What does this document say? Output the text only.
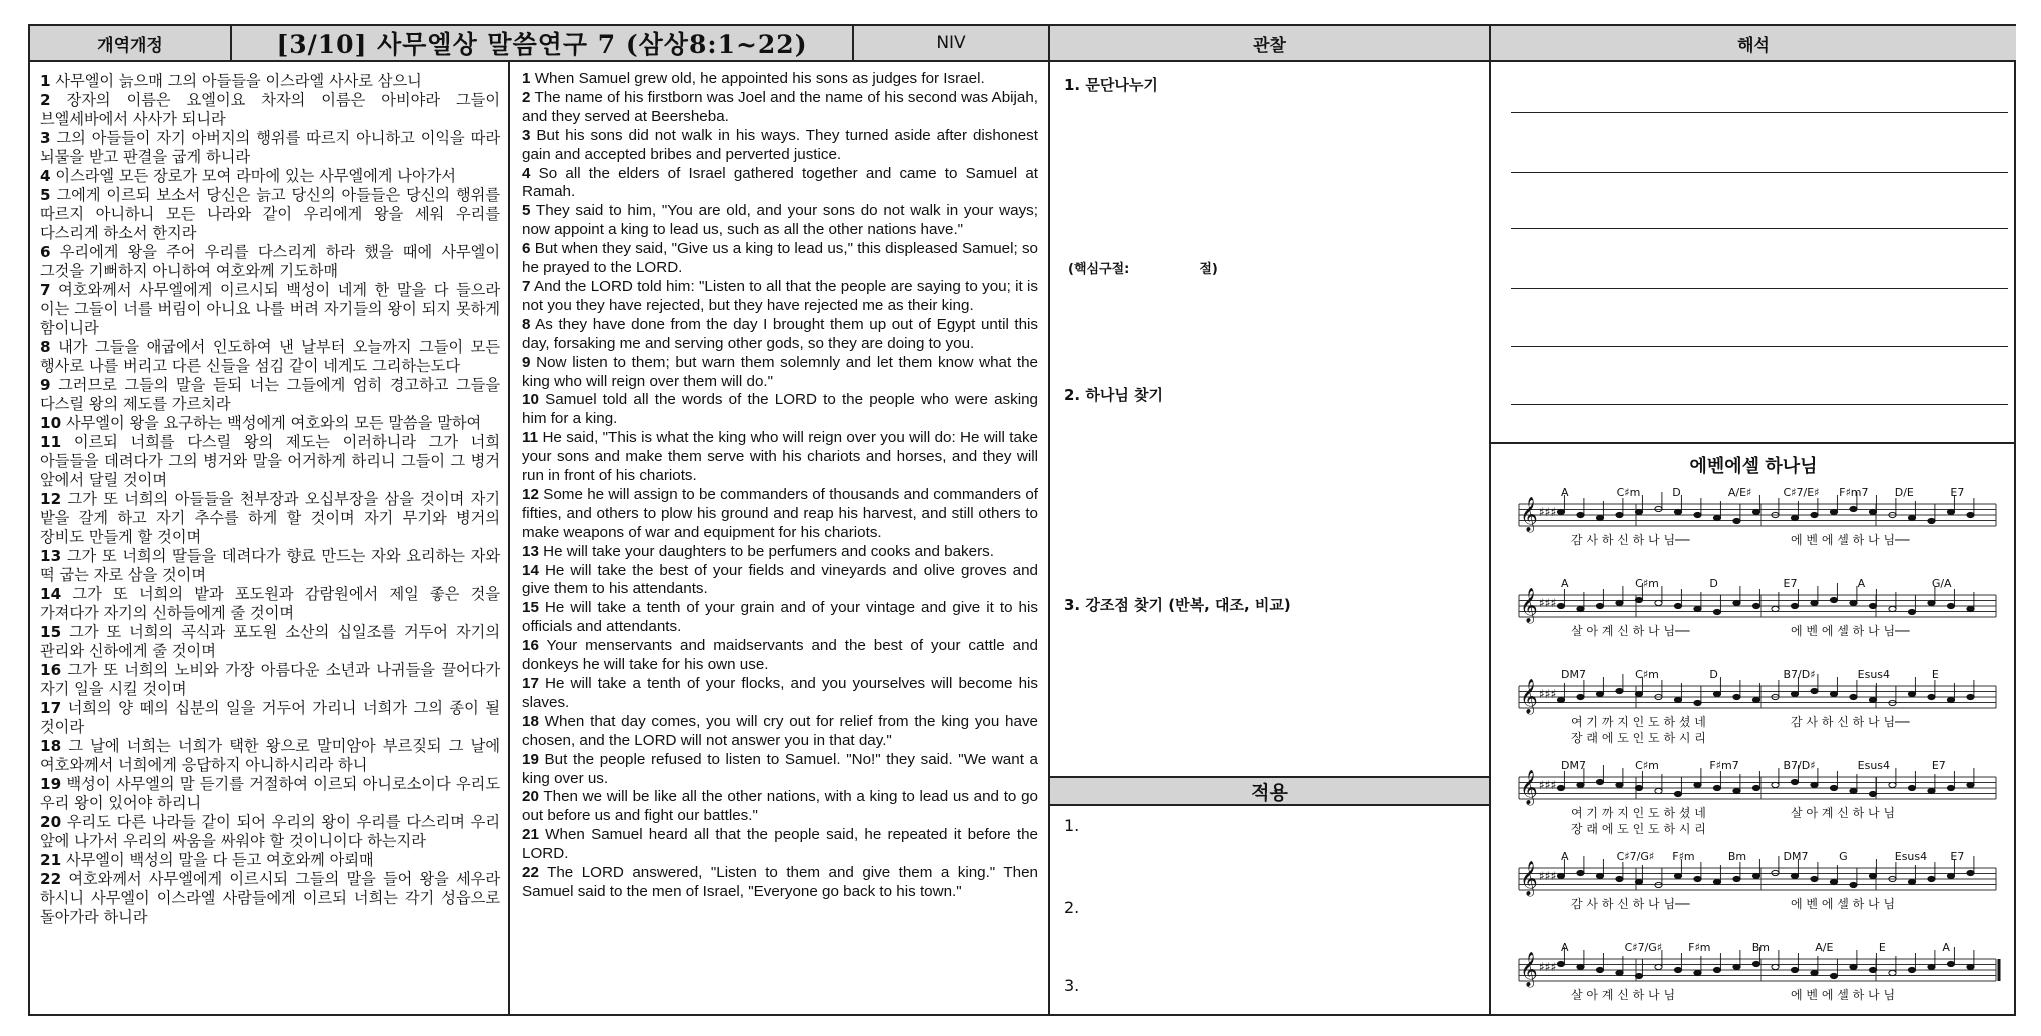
개역개정	[3/10] 사무엘상 말씀연구 7 (삼상8:1~22)	NIV	관찰	해석
1 사무엘이 늙으매 그의 아들들을 이스라엘 사사로 삼으니
2 장자의 이름은 요엘이요 차자의 이름은 아비야라 그들이 브엘세바에서 사사가 되니라
3 그의 아들들이 자기 아버지의 행위를 따르지 아니하고 이익을 따라 뇌물을 받고 판결을 굽게 하니라
4 이스라엘 모든 장로가 모여 라마에 있는 사무엘에게 나아가서
5 그에게 이르되 보소서 당신은 늙고 당신의 아들들은 당신의 행위를 따르지 아니하니 모든 나라와 같이 우리에게 왕을 세워 우리를 다스리게 하소서 한지라
6 우리에게 왕을 주어 우리를 다스리게 하라 했을 때에 사무엘이 그것을 기뻐하지 아니하여 여호와께 기도하매
7 여호와께서 사무엘에게 이르시되 백성이 네게 한 말을 다 들으라 이는 그들이 너를 버림이 아니요 나를 버려 자기들의 왕이 되지 못하게 함이니라
8 내가 그들을 애굽에서 인도하여 낸 날부터 오늘까지 그들이 모든 행사로 나를 버리고 다른 신들을 섬김 같이 네게도 그리하는도다
9 그러므로 그들의 말을 듣되 너는 그들에게 엄히 경고하고 그들을 다스릴 왕의 제도를 가르치라
10 사무엘이 왕을 요구하는 백성에게 여호와의 모든 말씀을 말하여
11 이르되 너희를 다스릴 왕의 제도는 이러하니라 그가 너희 아들들을 데려다가 그의 병거와 말을 어거하게 하리니 그들이 그 병거 앞에서 달릴 것이며
12 그가 또 너희의 아들들을 천부장과 오십부장을 삼을 것이며 자기 밭을 갈게 하고 자기 추수를 하게 할 것이며 자기 무기와 병거의 장비도 만들게 할 것이며
13 그가 또 너희의 딸들을 데려다가 향료 만드는 자와 요리하는 자와 떡 굽는 자로 삼을 것이며
14 그가 또 너희의 밭과 포도원과 감람원에서 제일 좋은 것을 가져다가 자기의 신하들에게 줄 것이며
15 그가 또 너희의 곡식과 포도원 소산의 십일조를 거두어 자기의 관리와 신하에게 줄 것이며
16 그가 또 너희의 노비와 가장 아름다운 소년과 나귀들을 끌어다가 자기 일을 시킬 것이며
17 너희의 양 떼의 십분의 일을 거두어 가리니 너희가 그의 종이 될 것이라
18 그 날에 너희는 너희가 택한 왕으로 말미암아 부르짖되 그 날에 여호와께서 너희에게 응답하지 아니하시리라 하니
19 백성이 사무엘의 말 듣기를 거절하여 이르되 아니로소이다 우리도 우리 왕이 있어야 하리니
20 우리도 다른 나라들 같이 되어 우리의 왕이 우리를 다스리며 우리 앞에 나가서 우리의 싸움을 싸워야 할 것이니이다 하는지라
21 사무엘이 백성의 말을 다 듣고 여호와께 아뢰매
22 여호와께서 사무엘에게 이르시되 그들의 말을 들어 왕을 세우라 하시니 사무엘이 이스라엘 사람들에게 이르되 너희는 각기 성읍으로 돌아가라 하니라
1 When Samuel grew old, he appointed his sons as judges for Israel.
2 The name of his firstborn was Joel and the name of his second was Abijah, and they served at Beersheba.
3 But his sons did not walk in his ways. They turned aside after dishonest gain and accepted bribes and perverted justice.
4 So all the elders of Israel gathered together and came to Samuel at Ramah.
5 They said to him, "You are old, and your sons do not walk in your ways; now appoint a king to lead us, such as all the other nations have."
6 But when they said, "Give us a king to lead us," this displeased Samuel; so he prayed to the LORD.
7 And the LORD told him: "Listen to all that the people are saying to you; it is not you they have rejected, but they have rejected me as their king.
8 As they have done from the day I brought them up out of Egypt until this day, forsaking me and serving other gods, so they are doing to you.
9 Now listen to them; but warn them solemnly and let them know what the king who will reign over them will do."
10 Samuel told all the words of the LORD to the people who were asking him for a king.
11 He said, "This is what the king who will reign over you will do: He will take your sons and make them serve with his chariots and horses, and they will run in front of his chariots.
12 Some he will assign to be commanders of thousands and commanders of fifties, and others to plow his ground and reap his harvest, and still others to make weapons of war and equipment for his chariots.
13 He will take your daughters to be perfumers and cooks and bakers.
14 He will take the best of your fields and vineyards and olive groves and give them to his attendants.
15 He will take a tenth of your grain and of your vintage and give it to his officials and attendants.
16 Your menservants and maidservants and the best of your cattle and donkeys he will take for his own use.
17 He will take a tenth of your flocks, and you yourselves will become his slaves.
18 When that day comes, you will cry out for relief from the king you have chosen, and the LORD will not answer you in that day."
19 But the people refused to listen to Samuel. "No!" they said. "We want a king over us.
20 Then we will be like all the other nations, with a king to lead us and to go out before us and fight our battles."
21 When Samuel heard all that the people said, he repeated it before the LORD.
22 The LORD answered, "Listen to them and give them a king." Then Samuel said to the men of Israel, "Everyone go back to his town."
1. 문단나누기
(핵심구절:	절)
2. 하나님 찾기
3. 강조점 찾기 (반복, 대조, 비교)
적용
1.
2.
3.
에벤에셀 하나님
𝄞 ♯♯♯
A	C♯m	D	A/E♯	C♯7/E♯ F♯m7 D/E	E7
감 사 하 신 하 나 님──	에 벤 에 셀 하 나 님──
𝄞 ♯♯♯
A	C♯m	D	E7	A	G/A
살 아 계 신 하 나 님──	에 벤 에 셀 하 나 님──
𝄞 ♯♯♯
DM7	C♯m	D	B7/D♯	Esus4	E
여 기 까 지 인 도 하 셨 네	감 사 하 신 하 나 님──
장 래 에 도 인 도 하 시 리
𝄞 ♯♯♯
DM7	C♯m	F♯m7	B7/D♯	Esus4	E7
여 기 까 지 인 도 하 셨 네	살 아 계 신 하 나 님
장 래 에 도 인 도 하 시 리
𝄞 ♯♯♯
A	C♯7/G♯ F♯m	Bm	DM7	G	Esus4 E7
감 사 하 신 하 나 님──	에 벤 에 셀 하 나 님
𝄞 ♯♯♯
A	C♯7/G♯ F♯m	Bm	A/E	E	A
살 아 계 신 하 나 님	에 벤 에 셀 하 나 님
